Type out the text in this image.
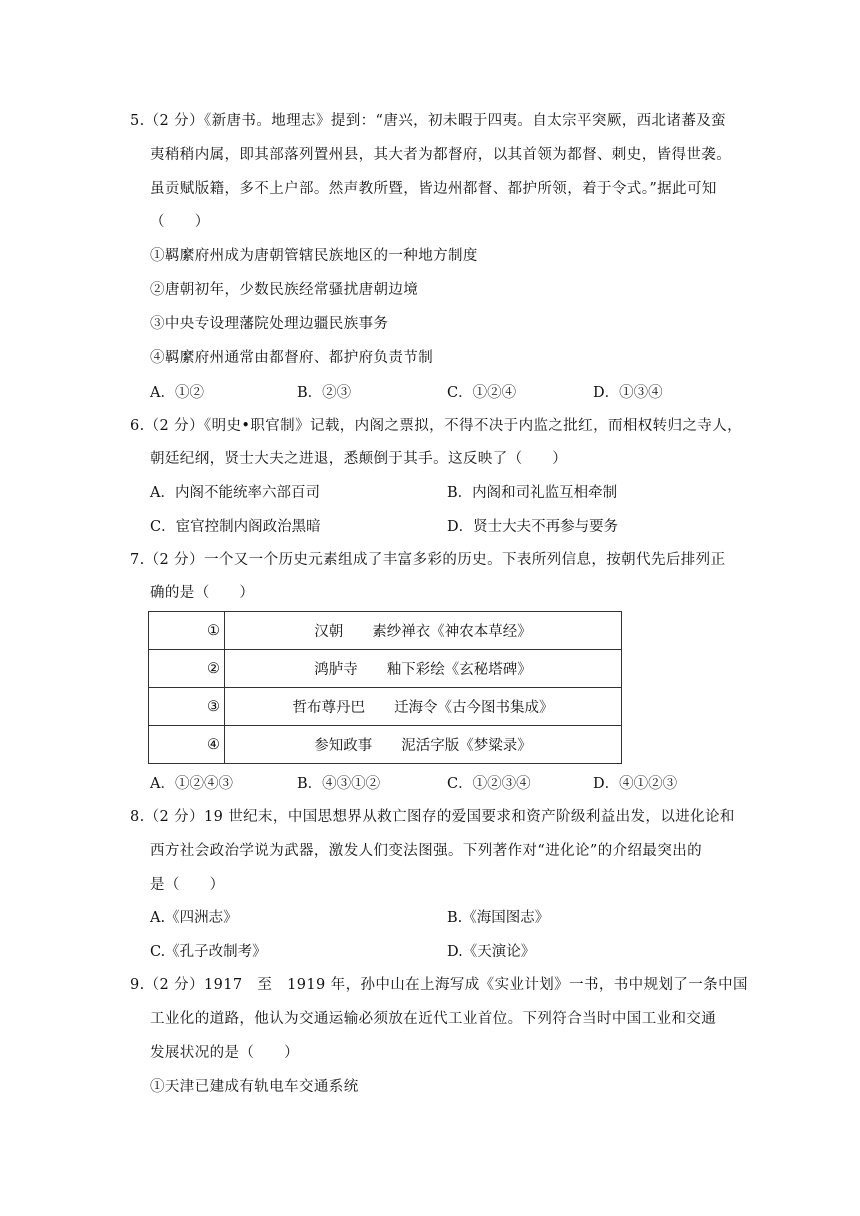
5.（2 分）《新唐书。地理志》提到：“唐兴，初未暇于四夷。自太宗平突厥，西北诸蕃及蛮
夷稍稍内属，即其部落列置州县，其大者为都督府，以其首领为都督、刺史，皆得世袭。
虽贡赋版籍，多不上户部。然声教所暨，皆边州都督、都护所领，着于令式。”据此可知
（　　）
①羁縻府州成为唐朝管辖民族地区的一种地方制度
②唐朝初年，少数民族经常骚扰唐朝边境
③中央专设理藩院处理边疆民族事务
④羁縻府州通常由都督府、都护府负责节制
A．①②	B．②③	C．①②④	D．①③④
6.（2 分）《明史•职官制》记载，内阁之票拟，不得不决于内监之批红，而相权转归之寺人，
朝廷纪纲，贤士大夫之进退，悉颠倒于其手。这反映了（　　）
A．内阁不能统率六部百司	B．内阁和司礼监互相牵制
C．宦官控制内阁政治黑暗	D．贤士大夫不再参与要务
7.（2 分）一个又一个历史元素组成了丰富多彩的历史。下表所列信息，按朝代先后排列正
确的是（　　）
①	汉朝　　素纱禅衣《神农本草经》
②	鸿胪寺　　釉下彩绘《玄秘塔碑》
③	哲布尊丹巴　　迁海令《古今图书集成》
④	参知政事　　泥活字版《梦粱录》
A．①②④③	B．④③①②	C．①②③④	D．④①②③
8.（2 分）19 世纪末，中国思想界从救亡图存的爱国要求和资产阶级利益出发，以进化论和
西方社会政治学说为武器，激发人们变法图强。下列著作对“进化论”的介绍最突出的
是（　　）
A.《四洲志》	B.《海国图志》
C.《孔子改制考》	D.《天演论》
9.（2 分）1917　至　1919 年，孙中山在上海写成《实业计划》一书，书中规划了一条中国
工业化的道路，他认为交通运输必须放在近代工业首位。下列符合当时中国工业和交通
发展状况的是（　　）
①天津已建成有轨电车交通系统
